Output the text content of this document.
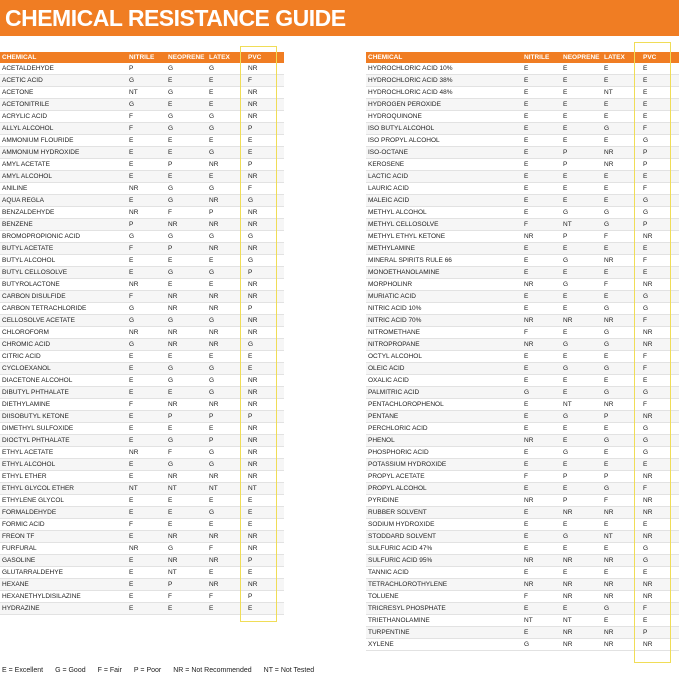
CHEMICAL RESISTANCE GUIDE
CHEMICAL	NITRILE	NEOPRENE	LATEX	PVC
ACETALDEHYDE	P	G	G	NR
ACETIC ACID	G	E	E	F
ACETONE	NT	G	E	NR
ACETONITRILE	G	E	E	NR
ACRYLIC ACID	F	G	G	NR
ALLYL ALCOHOL	F	G	G	P
AMMONIUM FLOURIDE	E	E	E	E
AMMONIUM HYDROXIDE	E	E	G	E
AMYL ACETATE	E	P	NR	P
AMYL ALCOHOL	E	E	E	NR
ANILINE	NR	G	G	F
AQUA REGLA	E	G	NR	G
BENZALDEHYDE	NR	F	P	NR
BENZENE	P	NR	NR	NR
BROMOPROPIONIC ACID	G	G	G	G
BUTYL ACETATE	F	P	NR	NR
BUTYL ALCOHOL	E	E	E	G
BUTYL CELLOSOLVE	E	G	G	P
BUTYROLACTONE	NR	E	E	NR
CARBON DISULFIDE	F	NR	NR	NR
CARBON TETRACHLORIDE	G	NR	NR	P
CELLOSOLVE ACETATE	G	G	G	NR
CHLOROFORM	NR	NR	NR	NR
CHROMIC ACID	G	NR	NR	G
CITRIC ACID	E	E	E	E
CYCLOEXANOL	E	G	G	E
DIACETONE ALCOHOL	E	G	G	NR
DIBUTYL PHTHALATE	E	E	G	NR
DIETHYLAMINE	F	NR	NR	NR
DIISOBUTYL KETONE	E	P	P	P
DIMETHYL SULFOXIDE	E	E	E	NR
DIOCTYL PHTHALATE	E	G	P	NR
ETHYL ACETATE	NR	F	G	NR
ETHYL ALCOHOL	E	G	G	NR
ETHYL ETHER	E	NR	NR	NR
ETHYL GLYCOL ETHER	NT	NT	NT	NT
ETHYLENE GLYCOL	E	E	E	E
FORMALDEHYDE	E	E	G	E
FORMIC ACID	F	E	E	E
FREON TF	E	NR	NR	NR
FURFURAL	NR	G	F	NR
GASOLINE	E	NR	NR	P
GLUTARRALDEHYE	E	NT	E	E
HEXANE	E	P	NR	NR
HEXANETHYLDISILAZINE	E	F	F	P
HYDRAZINE	E	E	E	E
CHEMICAL	NITRILE	NEOPRENE	LATEX	PVC
HYDROCHLORIC ACID 10%	E	E	E	E
HYDROCHLORIC ACID 38%	E	E	E	E
HYDROCHLORIC ACID 48%	E	E	NT	E
HYDROGEN PEROXIDE	E	E	E	E
HYDROQUINONE	E	E	E	E
ISO BUTYL ALCOHOL	E	E	G	F
ISO PROPYL ALCOHOL	E	E	E	G
ISO-OCTANE	E	P	NR	P
KEROSENE	E	P	NR	P
LACTIC ACID	E	E	E	E
LAURIC ACID	E	E	E	F
MALEIC ACID	E	E	E	G
METHYL ALCOHOL	E	G	G	G
METHYL CELLOSOLVE	F	NT	G	P
METHYL ETHYL KETONE	NR	P	F	NR
METHYLAMINE	E	E	E	E
MINERAL SPIRITS RULE 66	E	G	NR	F
MONOETHANOLAMINE	E	E	E	E
MORPHOLINR	NR	G	F	NR
MURIATIC ACID	E	E	E	G
NITRIC ACID 10%	E	E	G	G
NITRIC ACID 70%	NR	NR	NR	F
NITROMETHANE	F	E	G	NR
NITROPROPANE	NR	G	G	NR
OCTYL ALCOHOL	E	E	E	F
OLEIC ACID	E	G	G	F
OXALIC ACID	E	E	E	E
PALMITRIC ACID	G	E	G	G
PENTACHLOROPHENOL	E	NT	NR	F
PENTANE	E	G	P	NR
PERCHLORIC ACID	E	E	E	G
PHENOL	NR	E	G	G
PHOSPHORIC ACID	E	G	E	G
POTASSIUM HYDROXIDE	E	E	E	E
PROPYL ACETATE	F	P	P	NR
PROPYL ALCOHOL	E	E	G	F
PYRIDINE	NR	P	F	NR
RUBBER SOLVENT	E	NR	NR	NR
SODIUM HYDROXIDE	E	E	E	E
STODDARD SOLVENT	E	G	NT	NR
SULFURIC ACID 47%	E	E	E	G
SULFURIC ACID 95%	NR	NR	NR	G
TANNIC ACID	E	E	E	E
TETRACHLOROTHYLENE	NR	NR	NR	NR
TOLUENE	F	NR	NR	NR
TRICRESYL PHOSPHATE	E	E	G	F
TRIETHANOLAMINE	NT	NT	E	E
TURPENTINE	E	NR	NR	P
XYLENE	G	NR	NR	NR
E = Excellent G = Good F = Fair P = Poor NR = Not Recommended NT = Not Tested
